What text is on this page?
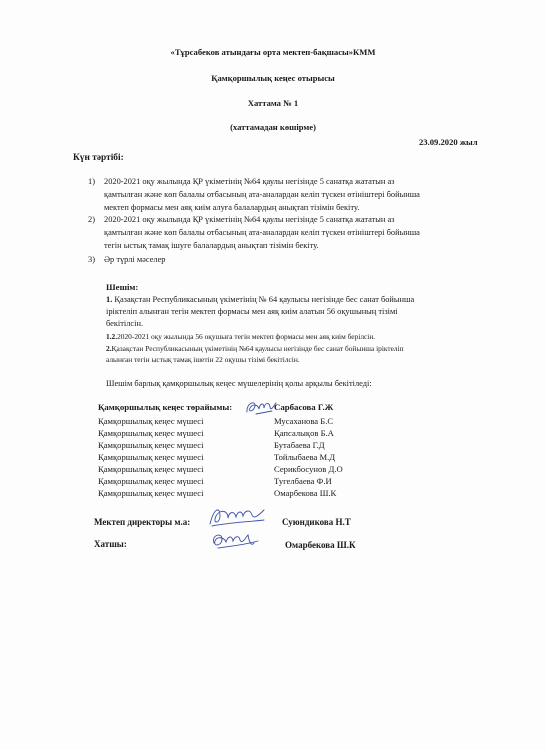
«Тұрсабеков атындағы орта мектеп-бақшасы»КММ
Қамқоршылық кеңес отырысы
Хаттама № 1
(хаттамадан көшірме)
23.09.2020 жыл
Күн тәртібі:
1) 2020-2021 оқу жылында ҚР үкіметінің №64 қаулы негізінде 5 санатқа жататын аз
қамтылған және көп балалы отбасының ата-аналардан келіп түскен өтініштері бойынша
мектеп формасы мен аяқ киім алуға балалардың анықтап тізімін бекіту.
2) 2020-2021 оқу жылында ҚР үкіметінің №64 қаулы негізінде 5 санатқа жататын аз
қамтылған және көп балалы отбасының ата-аналардан келіп түскен өтініштері бойынша
тегін ыстық тамақ ішуге балалардың анықтап тізімін бекіту.
3) Әр түрлі мәселер
Шешім:
1. Қазақстан Республикасының үкіметінің № 64 қаулысы негізінде бес санат бойынша
іріктеліп алынған тегін мектеп формасы мен аяқ киім алатын 56 оқушының тізімі
бекітілсін.
1.2.2020-2021 оқу жылында 56 оқушыға тегін мектеп формасы мен аяқ киім берілсін.
2.Қазақстан Республикасының үкіметінің №64 қаулысы негізінде бес санат бойынша іріктеліп
алынған тегін ыстық тамақ ішетін 22 оқушы тізімі бекітілсін.
Шешім барлық қамқоршылық кеңес мүшелерінің қолы арқылы бекітіледі:
Қамқоршылық кеңес төрайымы:	Сарбасова Г.Ж
Қамқоршылық кеңес мүшесі	Мусаханова Б.С
Қамқоршылық кеңес мүшесі	Қапсалықов Б.А
Қамқоршылық кеңес мүшесі	Бутабаева Г.Д
Қамқоршылық кеңес мүшесі	Тойлыбаева М.Д
Қамқоршылық кеңес мүшесі	Серикбосунов Д.О
Қамқоршылық кеңес мүшесі	Тугелбаева Ф.И
Қамқоршылық кеңес мүшесі	Омарбекова Ш.К
Мектеп директоры м.а:	Суюндикова Н.Т
Хатшы:	Омарбекова Ш.К
